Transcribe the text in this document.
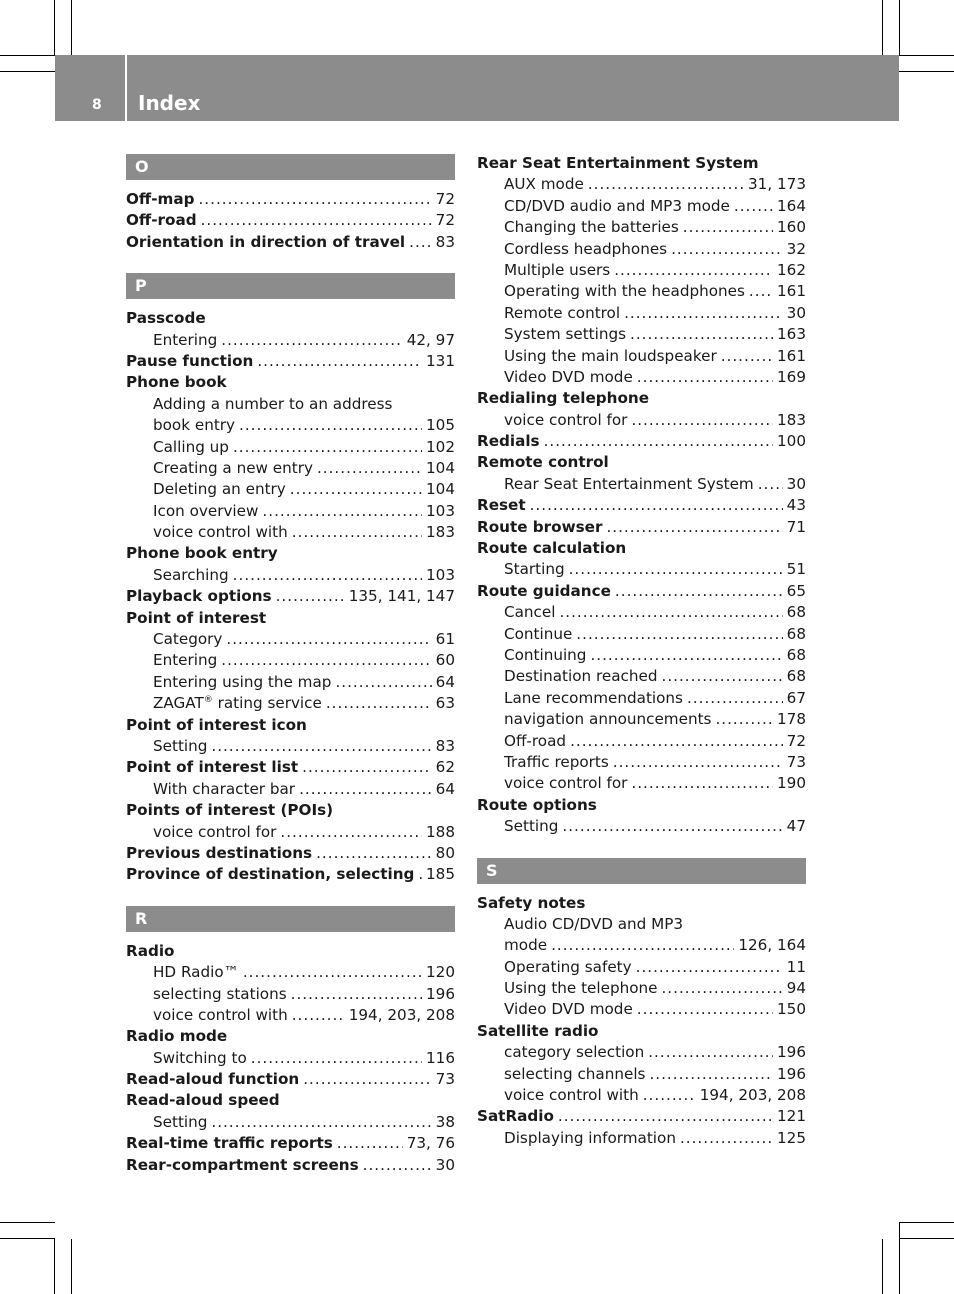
8 Index
O
Off-map .....	72
Off-road .....	72
Orientation in direction of travel ..... 83
P
Passcode
Entering .....	42, 97
Pause function .....	131
Phone book
Adding a number to an address
book entry .....	105
Calling up .....	102
Creating a new entry .....	104
Deleting an entry .....	104
Icon overview .....	103
voice control with .....	183
Phone book entry
Searching .....	103
Playback options .....	135, 141, 147
Point of interest
Category .....	61
Entering .....	60
Entering using the map .....	64
ZAGAT® rating service .....	63
Point of interest icon
Setting .....	83
Point of interest list .....	62
With character bar .....	64
Points of interest (POIs)
voice control for .....	188
Previous destinations .....	80
Province of destination, selecting ..... 185
R
Radio
HD Radio™ .....	120
selecting stations .....	196
voice control with .....	194, 203, 208
Radio mode
Switching to .....	116
Read-aloud function .....	73
Read-aloud speed
Setting .....	38
Real-time traffic reports .....	73, 76
Rear-compartment screens .....	30
Rear Seat Entertainment System
AUX mode .....	31, 173
CD/DVD audio and MP3 mode .....	164
Changing the batteries .....	160
Cordless headphones .....	32
Multiple users .....	162
Operating with the headphones ..... 161
Remote control .....	30
System settings .....	163
Using the main loudspeaker .....	161
Video DVD mode .....	169
Redialing telephone
voice control for .....	183
Redials .....	100
Remote control
Rear Seat Entertainment System ..... 30
Reset .....	43
Route browser .....	71
Route calculation
Starting .....	51
Route guidance .....	65
Cancel .....	68
Continue .....	68
Continuing .....	68
Destination reached .....	68
Lane recommendations .....	67
navigation announcements .....	178
Off-road .....	72
Traffic reports .....	73
voice control for .....	190
Route options
Setting .....	47
S
Safety notes
Audio CD/DVD and MP3
mode .....	126, 164
Operating safety .....	11
Using the telephone .....	94
Video DVD mode .....	150
Satellite radio
category selection .....	196
selecting channels .....	196
voice control with .....	194, 203, 208
SatRadio .....	121
Displaying information .....	125
